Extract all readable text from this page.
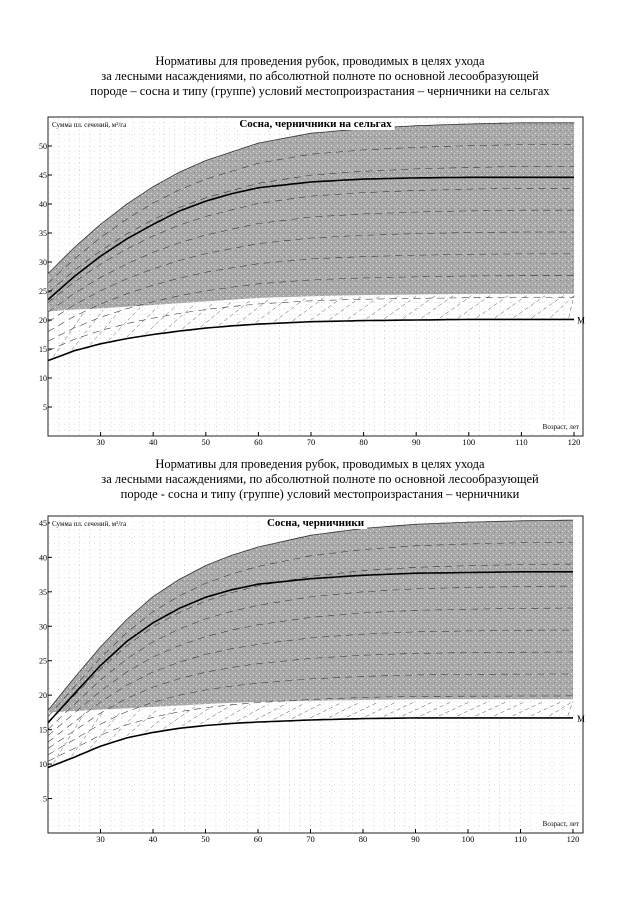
Нормативы для проведения рубок, проводимых в целях ухода
за лесными насаждениями, по абсолютной полноте по основной лесообразующей
породе – сосна и типу (группе) условий местопроизрастания – черничники на сельгах
Нормативы для проведения рубок, проводимых в целях ухода
за лесными насаждениями, по абсолютной полноте по основной лесообразующей
породе - сосна и типу (группе) условий местопроизрастания – черничники
М
5
10
15
20
25
30
35
40
45
50
30	40	50	60	70	80	90	100	110	120
Сосна, черничники на сельгах
Сумма пл. сечений, м²/га
Возраст, лет
М
5
10
15
20
25
30
35
40
45
30	40	50	60	70	80	90	100	110	120
Сосна, черничники
Сумма пл. сечений, м²/га
Возраст, лет
